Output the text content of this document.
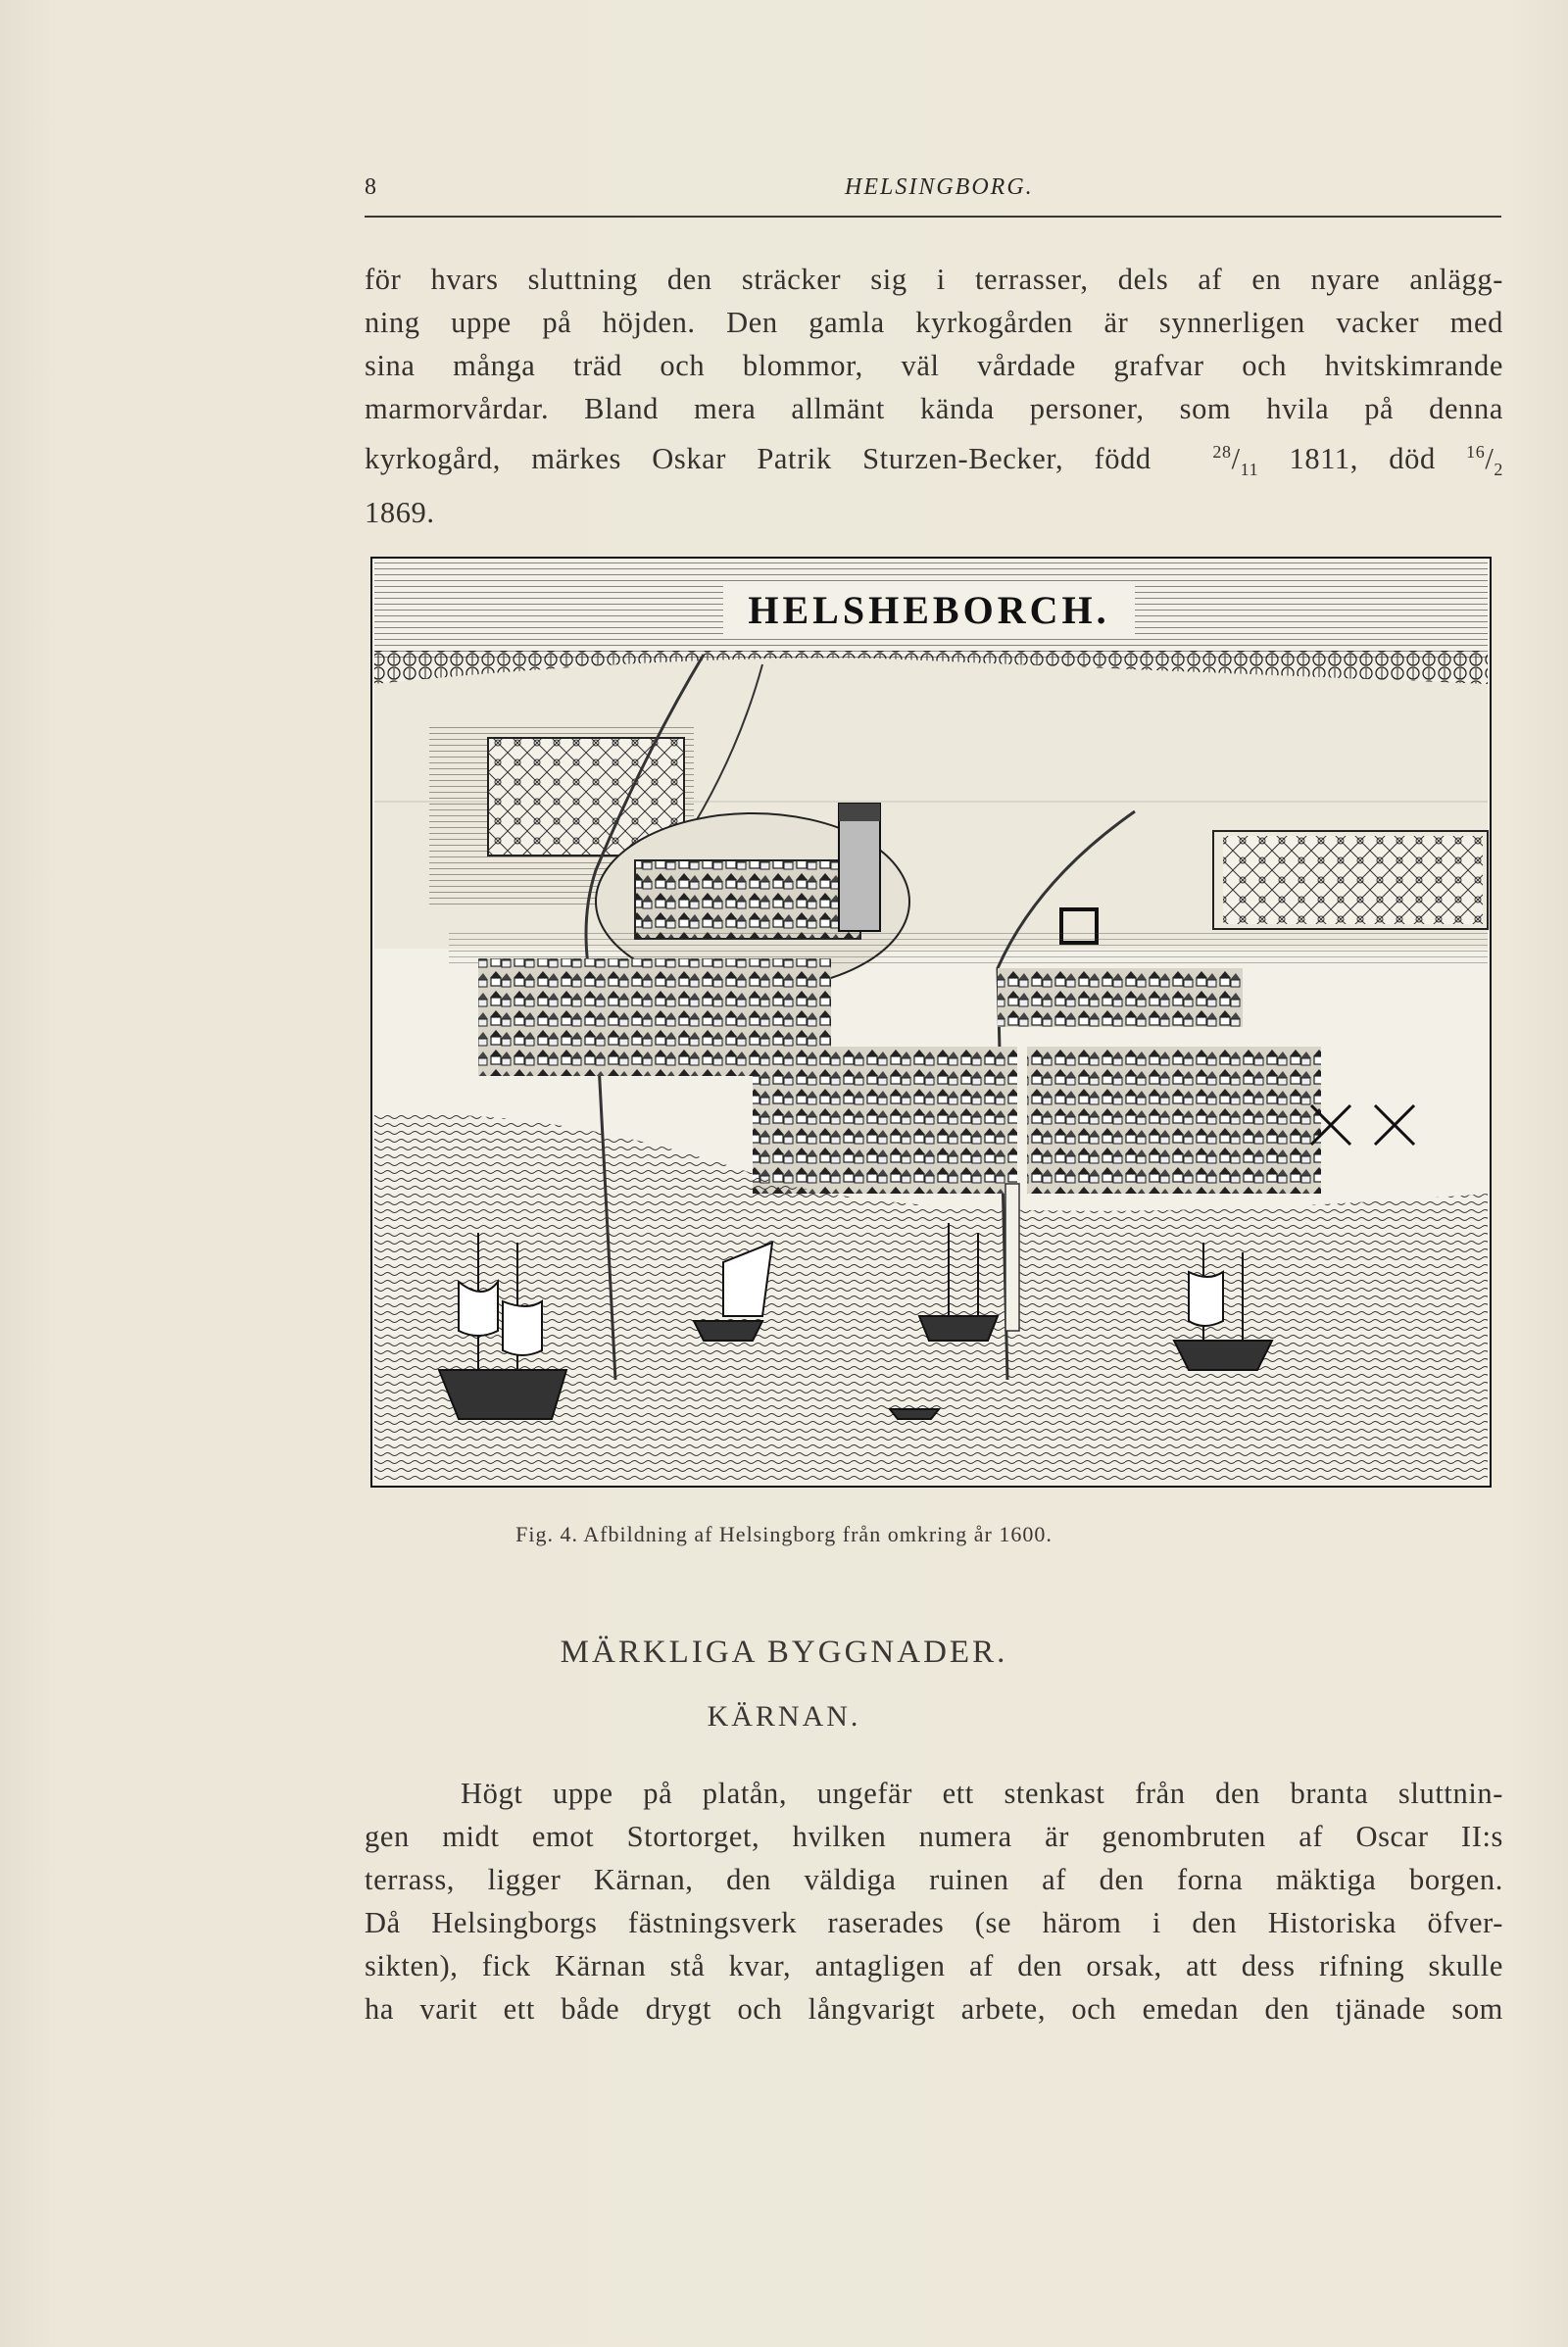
8	HELSINGBORG.
för hvars sluttning den sträcker sig i terrasser, dels af en nyare anlägg-
ning uppe på höjden. Den gamla kyrkogården är synnerligen vacker med
sina många träd och blommor, väl vårdade grafvar och hvitskimrande
marmorvårdar. Bland mera allmänt kända personer, som hvila på denna
kyrkogård, märkes Oskar Patrik Sturzen-Becker, född	$^{28}/_{11}$ 1811, död $^{16}/_2$
1869.
HELSHEBORCH.
Fig. 4. Afbildning af Helsingborg från omkring år 1600.
MÄRKLIGA BYGGNADER.
KÄRNAN.
Högt uppe på platån, ungefär ett stenkast från den branta sluttnin-
gen midt emot Stortorget, hvilken numera är genombruten af Oscar II:s
terrass, ligger Kärnan, den väldiga ruinen af den forna mäktiga borgen.
Då Helsingborgs fästningsverk raserades (se härom i den Historiska öfver-
sikten), fick Kärnan stå kvar, antagligen af den orsak, att dess rifning skulle
ha varit ett både drygt och långvarigt arbete, och emedan den tjänade som
